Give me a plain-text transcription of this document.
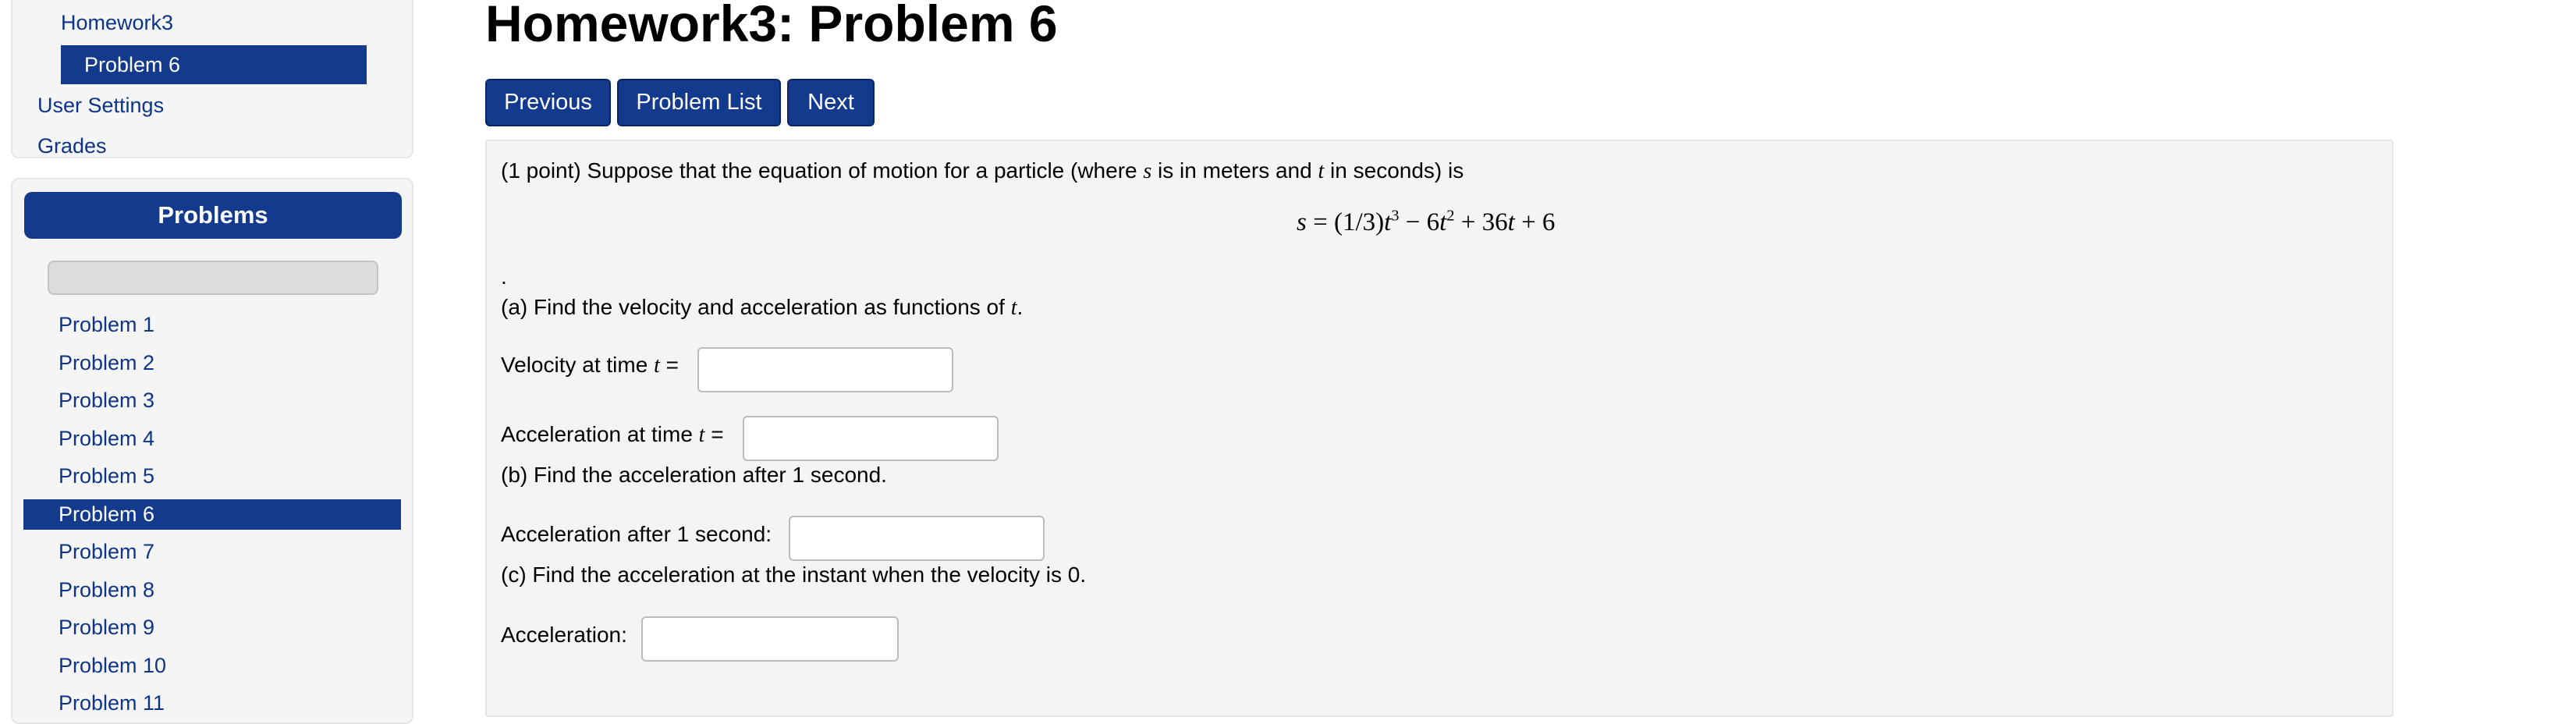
Homework3
Problem 6
User Settings
Grades
Problems
Problem 1
Problem 2
Problem 3
Problem 4
Problem 5
Problem 6
Problem 7
Problem 8
Problem 9
Problem 10
Problem 11
Homework3: Problem 6
Previous	Problem List	Next
(1 point) Suppose that the equation of motion for a particle (where s is in meters and t in seconds) is
$s = (1/3)t^3 - 6t^2 + 36t + 6$
.
(a) Find the velocity and acceleration as functions of t.
Velocity at time t =
Acceleration at time t =
(b) Find the acceleration after 1 second.
Acceleration after 1 second:
(c) Find the acceleration at the instant when the velocity is 0.
Acceleration:
